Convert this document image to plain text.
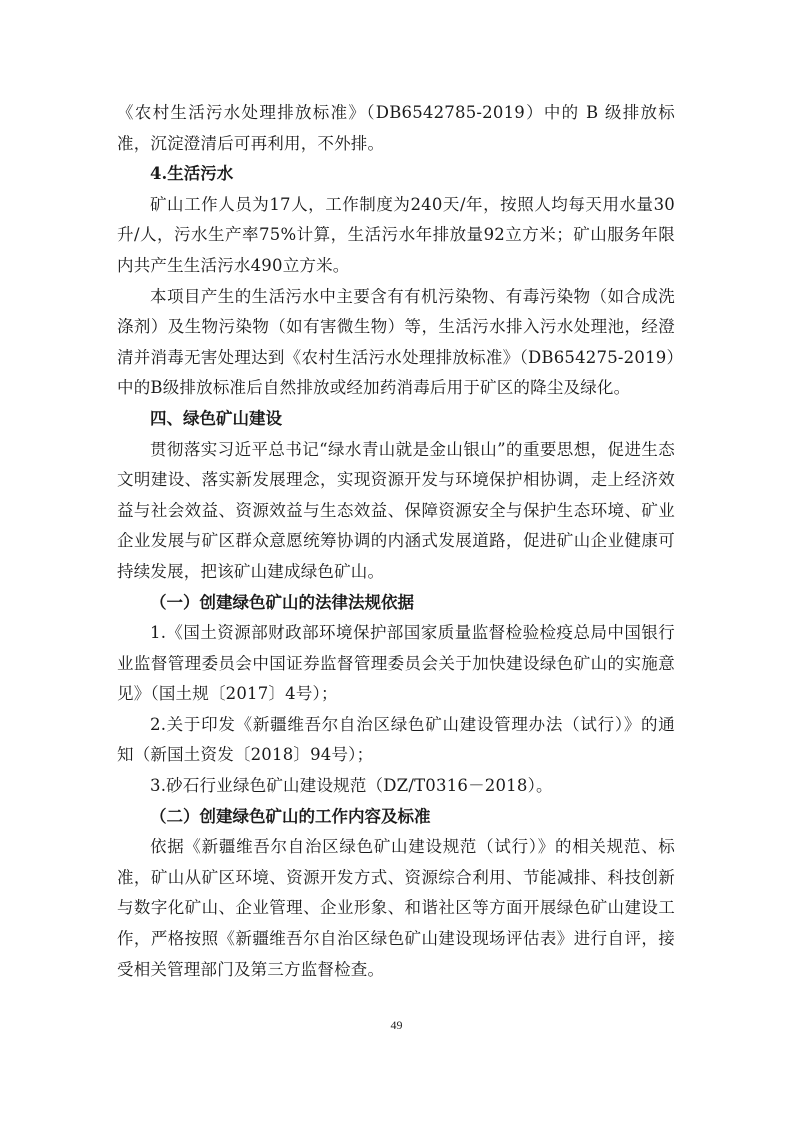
《农村生活污水处理排放标准》（DB6542785-2019）中的 B 级排放标准，沉淀澄清后可再利用，不外排。

4.生活污水

矿山工作人员为17人，工作制度为240天/年，按照人均每天用水量30升/人，污水生产率75%计算，生活污水年排放量92立方米；矿山服务年限内共产生生活污水490立方米。

本项目产生的生活污水中主要含有有机污染物、有毒污染物（如合成洗涤剂）及生物污染物（如有害微生物）等，生活污水排入污水处理池，经澄清并消毒无害处理达到《农村生活污水处理排放标准》（DB654275-2019）中的B级排放标准后自然排放或经加药消毒后用于矿区的降尘及绿化。

四、绿色矿山建设

贯彻落实习近平总书记“绿水青山就是金山银山”的重要思想，促进生态文明建设、落实新发展理念，实现资源开发与环境保护相协调，走上经济效益与社会效益、资源效益与生态效益、保障资源安全与保护生态环境、矿业企业发展与矿区群众意愿统筹协调的内涵式发展道路，促进矿山企业健康可持续发展，把该矿山建成绿色矿山。

（一）创建绿色矿山的法律法规依据

1.《国土资源部财政部环境保护部国家质量监督检验检疫总局中国银行业监督管理委员会中国证券监督管理委员会关于加快建设绿色矿山的实施意见》（国土规〔2017〕4号）；

2.关于印发《新疆维吾尔自治区绿色矿山建设管理办法（试行）》的通知（新国土资发〔2018〕94号）；

3.砂石行业绿色矿山建设规范（DZ/T0316－2018）。

（二）创建绿色矿山的工作内容及标准

依据《新疆维吾尔自治区绿色矿山建设规范（试行）》的相关规范、标准，矿山从矿区环境、资源开发方式、资源综合利用、节能减排、科技创新与数字化矿山、企业管理、企业形象、和谐社区等方面开展绿色矿山建设工作，严格按照《新疆维吾尔自治区绿色矿山建设现场评估表》进行自评，接受相关管理部门及第三方监督检查。

49
